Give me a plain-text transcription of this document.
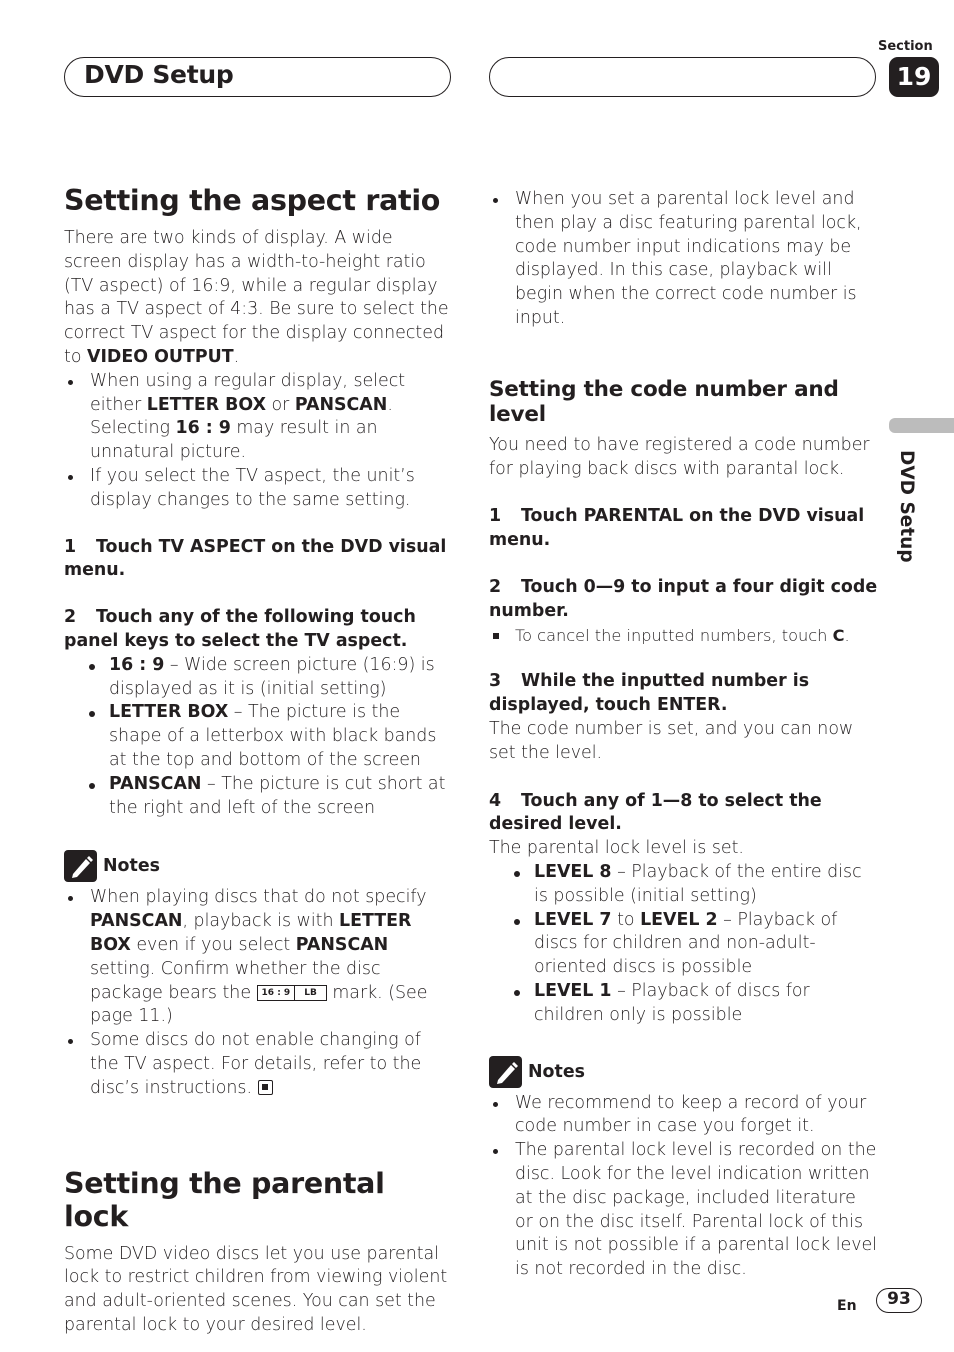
DVD Setup
Section
19
DVD Setup
Setting the aspect ratio
There are two kinds of display. A wide screen display has a width-to-height ratio (TV aspect) of 16:9, while a regular display has a TV aspect of 4:3. Be sure to select the correct TV aspect for the display connected to VIDEO OUTPUT.
When using a regular display, select either LETTER BOX or PANSCAN. Selecting 16 : 9 may result in an unnatural picture.
If you select the TV aspect, the unit’s display changes to the same setting.
1 Touch TV ASPECT on the DVD visual menu.
2 Touch any of the following touch panel keys to select the TV aspect.
16 : 9 – Wide screen picture (16:9) is displayed as it is (initial setting)
LETTER BOX – The picture is the shape of a letterbox with black bands at the top and bottom of the screen
PANSCAN – The picture is cut short at the right and left of the screen
Notes
When playing discs that do not specify PANSCAN, playback is with LETTER BOX even if you select PANSCAN setting. Confirm whether the disc package bears the 16 : 9	LB mark. (See page 11.)
Some discs do not enable changing of the TV aspect. For details, refer to the disc’s instructions.
Setting the parental lock
Some DVD video discs let you use parental lock to restrict children from viewing violent and adult-oriented scenes. You can set the parental lock to your desired level.
When you set a parental lock level and then play a disc featuring parental lock, code number input indications may be displayed. In this case, playback will begin when the correct code number is input.
Setting the code number and level
You need to have registered a code number for playing back discs with parantal lock.
1 Touch PARENTAL on the DVD visual menu.
2 Touch 0—9 to input a four digit code number.
To cancel the inputted numbers, touch C.
3 While the inputted number is displayed, touch ENTER.
The code number is set, and you can now set the level.
4 Touch any of 1—8 to select the desired level.
The parental lock level is set.
LEVEL 8 – Playback of the entire disc is possible (initial setting)
LEVEL 7 to LEVEL 2 – Playback of discs for children and non-adult-oriented discs is possible
LEVEL 1 – Playback of discs for children only is possible
Notes
We recommend to keep a record of your code number in case you forget it.
The parental lock level is recorded on the disc. Look for the level indication written at the disc package, included literature or on the disc itself. Parental lock of this unit is not possible if a parental lock level is not recorded in the disc.
En	93
